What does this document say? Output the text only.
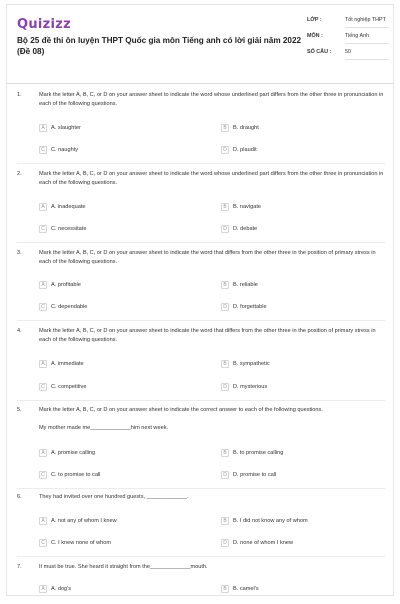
Quizizz
Bộ 25 đề thi ôn luyện THPT Quốc gia môn Tiếng anh có lời giải năm 2022 (Đề 08)
LỚP :	Tốt nghiệp THPT
MÔN :	Tiếng Anh
SỐ CÂU :	50
1.	Mark the letter A, B, C, or D on your answer sheet to indicate the word whose underlined part differs from the other three in pronunciation in each of the following questions.
A	A. slaughter	B	B. draught
C	C. naughty	D	D. plaudit
2.	Mark the letter A, B, C, or D on your answer sheet to indicate the word whose underlined part differs from the other three in pronunciation in each of the following questions.
A	A. inadequate	B	B. navigate
C	C. necessitate	D	D. debate
3.	Mark the letter A, B, C, or D on your answer sheet to indicate the word that differs from the other three in the position of primary stress in each of the following questions.
A	A. profitable	B	B. reliable
C	C. dependable	D	D. forgettable
4.	Mark the letter A, B, C, or D on your answer sheet to indicate the word that differs from the other three in the position of primary stress in each of the following questions.
A	A. immediate	B	B. sympathetic
C	C. competitive	D	D. mysterious
5.	Mark the letter A, B, C, or D on your answer sheet to indicate the correct answer to each of the following questions.
My mother made me_____________him next week.
A	A. promise calling	B	B. to promise calling
C	C. to promise to call	D	D. promise to call
6.	They had invited over one hundred guests, _____________.
A	A. not any of whom I knew	B	B. I did not know any of whom
C	C. I knew none of whom	D	D. none of whom I knew
7.	It must be true. She heard it straight from the_____________mouth.
A	A. dog's	B	B. camel's
